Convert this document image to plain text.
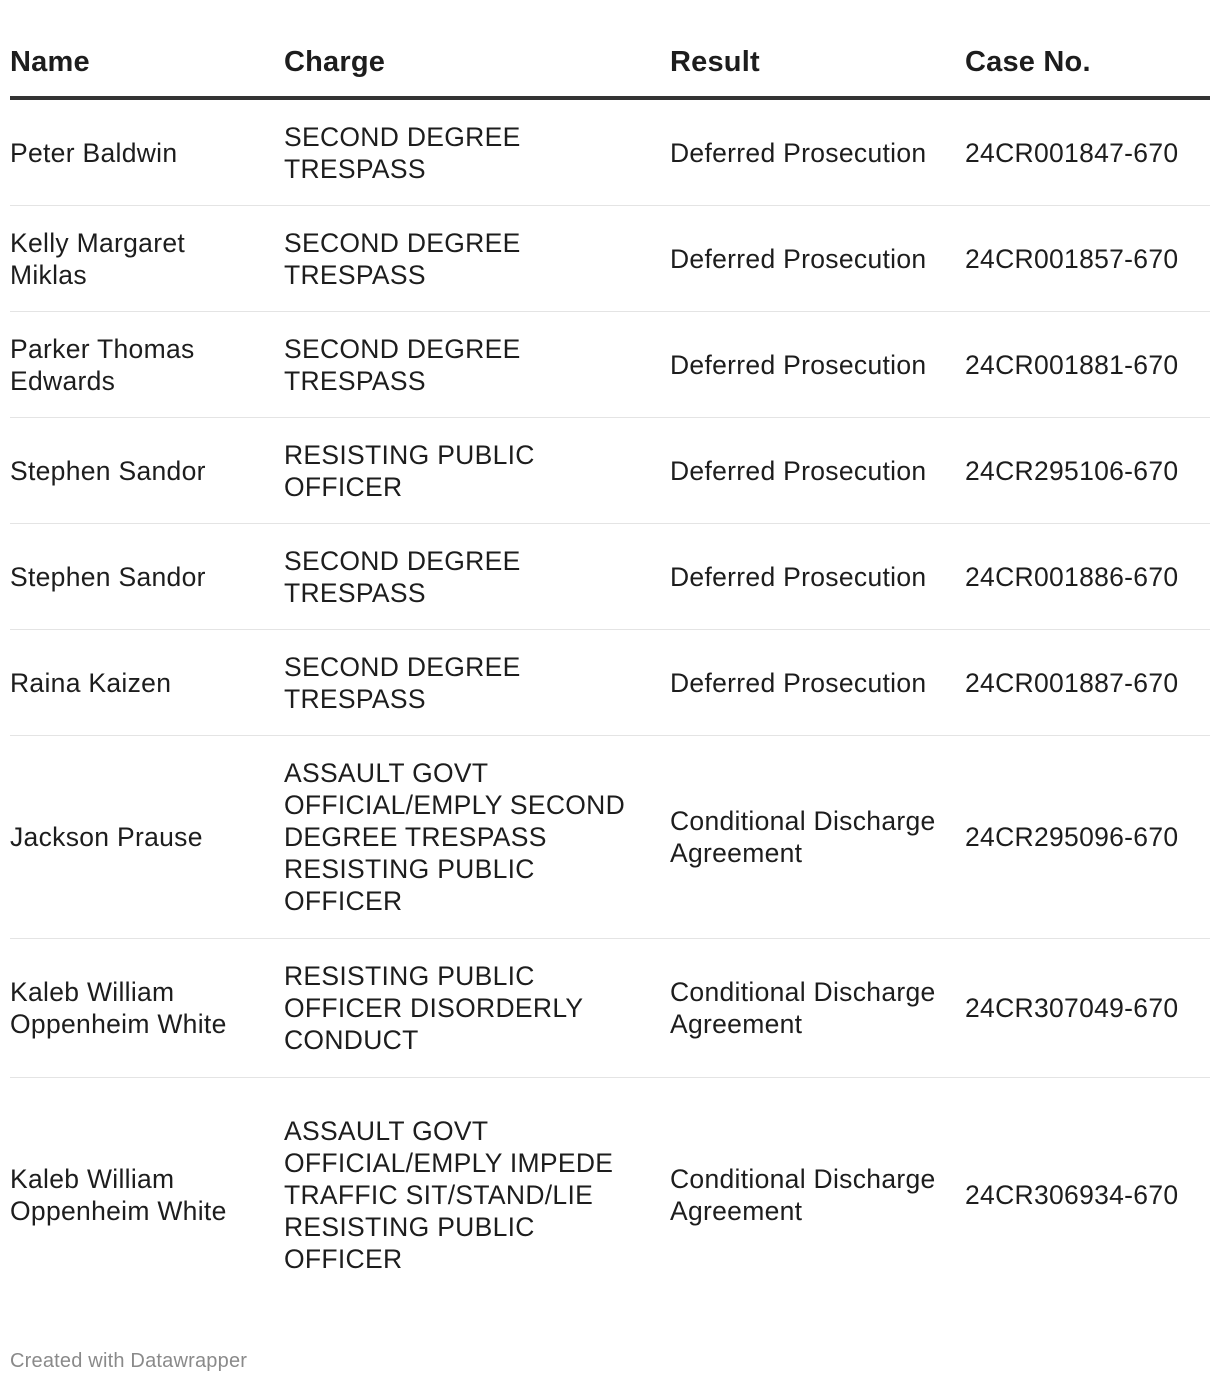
Name	Charge	Result	Case No.

Peter Baldwin	SECOND DEGREE TRESPASS	Deferred Prosecution	24CR001847-670

Kelly Margaret Miklas	SECOND DEGREE TRESPASS	Deferred Prosecution	24CR001857-670

Parker Thomas Edwards	SECOND DEGREE TRESPASS	Deferred Prosecution	24CR001881-670

Stephen Sandor	RESISTING PUBLIC OFFICER	Deferred Prosecution	24CR295106-670

Stephen Sandor	SECOND DEGREE TRESPASS	Deferred Prosecution	24CR001886-670

Raina Kaizen	SECOND DEGREE TRESPASS	Deferred Prosecution	24CR001887-670

Jackson Prause	ASSAULT GOVT OFFICIAL/EMPLY SECOND DEGREE TRESPASS RESISTING PUBLIC OFFICER	Conditional Discharge Agreement	24CR295096-670

Kaleb William Oppenheim White	RESISTING PUBLIC OFFICER DISORDERLY CONDUCT	Conditional Discharge Agreement	24CR307049-670

Kaleb William Oppenheim White	ASSAULT GOVT OFFICIAL/EMPLY IMPEDE TRAFFIC SIT/STAND/LIE RESISTING PUBLIC OFFICER	Conditional Discharge Agreement	24CR306934-670
Created with Datawrapper
